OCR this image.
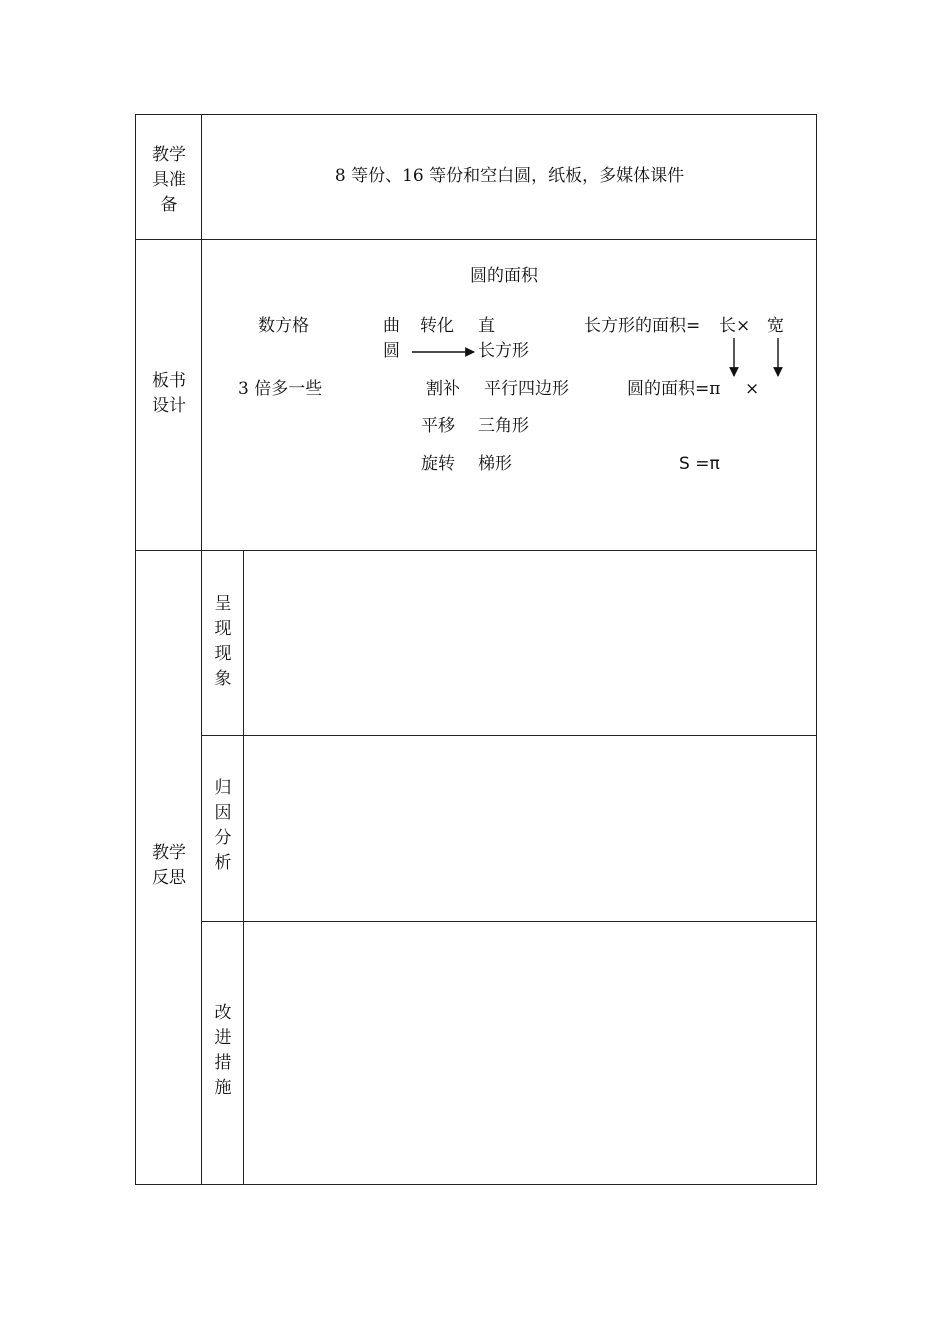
教学
具准
备
8 等份、16 等份和空白圆，纸板，多媒体课件
板书
设计
圆的面积
数方格	曲
圆
转化 直
长方形
长方形的面积= 长× 宽
3 倍多一些	割补 平行四边形	圆的面积=π ×
平移 三角形
旋转 梯形	S =π
教学
反思
呈现现象
归因分析
改进措施
